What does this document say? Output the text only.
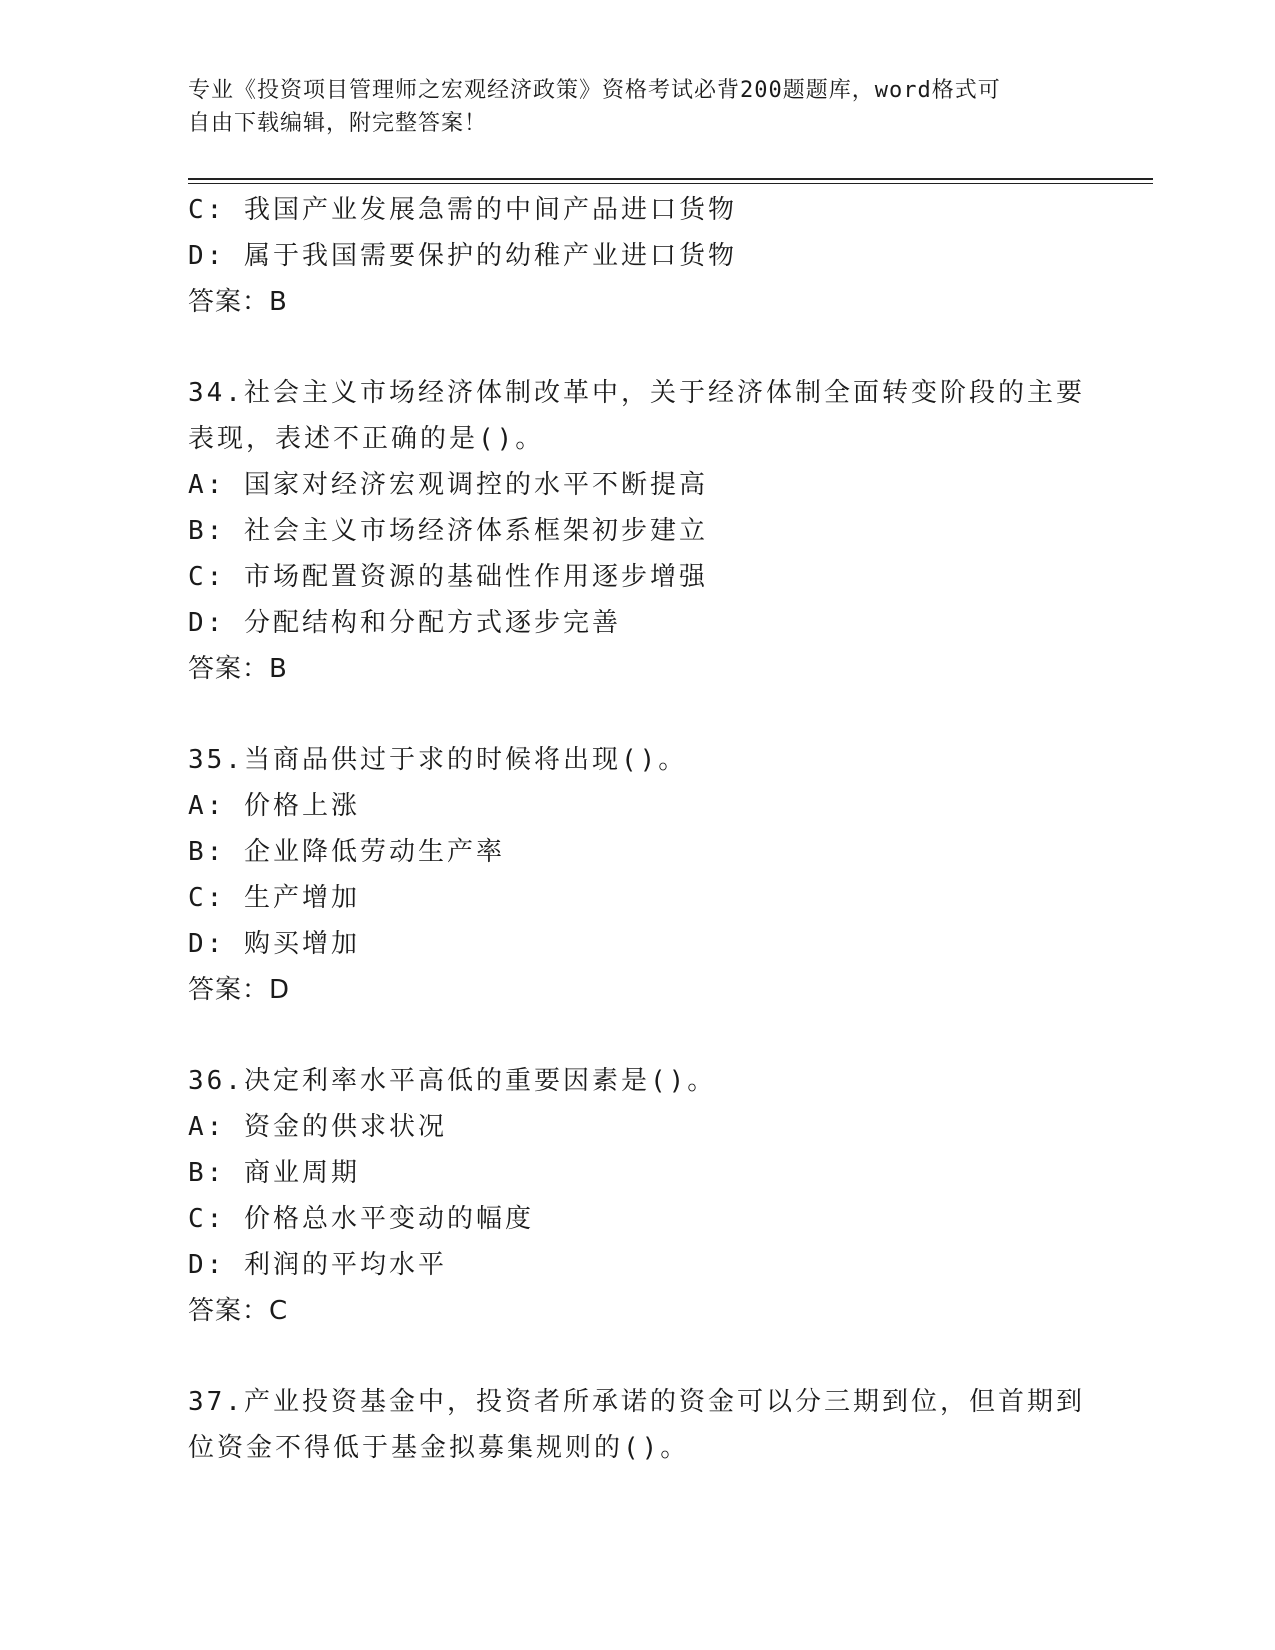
专业《投资项目管理师之宏观经济政策》资格考试必背200题题库，word格式可
自由下载编辑，附完整答案！
C: 我国产业发展急需的中间产品进口货物
D: 属于我国需要保护的幼稚产业进口货物
答案：B
34.社会主义市场经济体制改革中，关于经济体制全面转变阶段的主要
表现，表述不正确的是()。
A: 国家对经济宏观调控的水平不断提高
B: 社会主义市场经济体系框架初步建立
C: 市场配置资源的基础性作用逐步增强
D: 分配结构和分配方式逐步完善
答案：B
35.当商品供过于求的时候将出现()。
A: 价格上涨
B: 企业降低劳动生产率
C: 生产增加
D: 购买增加
答案：D
36.决定利率水平高低的重要因素是()。
A: 资金的供求状况
B: 商业周期
C: 价格总水平变动的幅度
D: 利润的平均水平
答案：C
37.产业投资基金中，投资者所承诺的资金可以分三期到位，但首期到
位资金不得低于基金拟募集规则的()。
